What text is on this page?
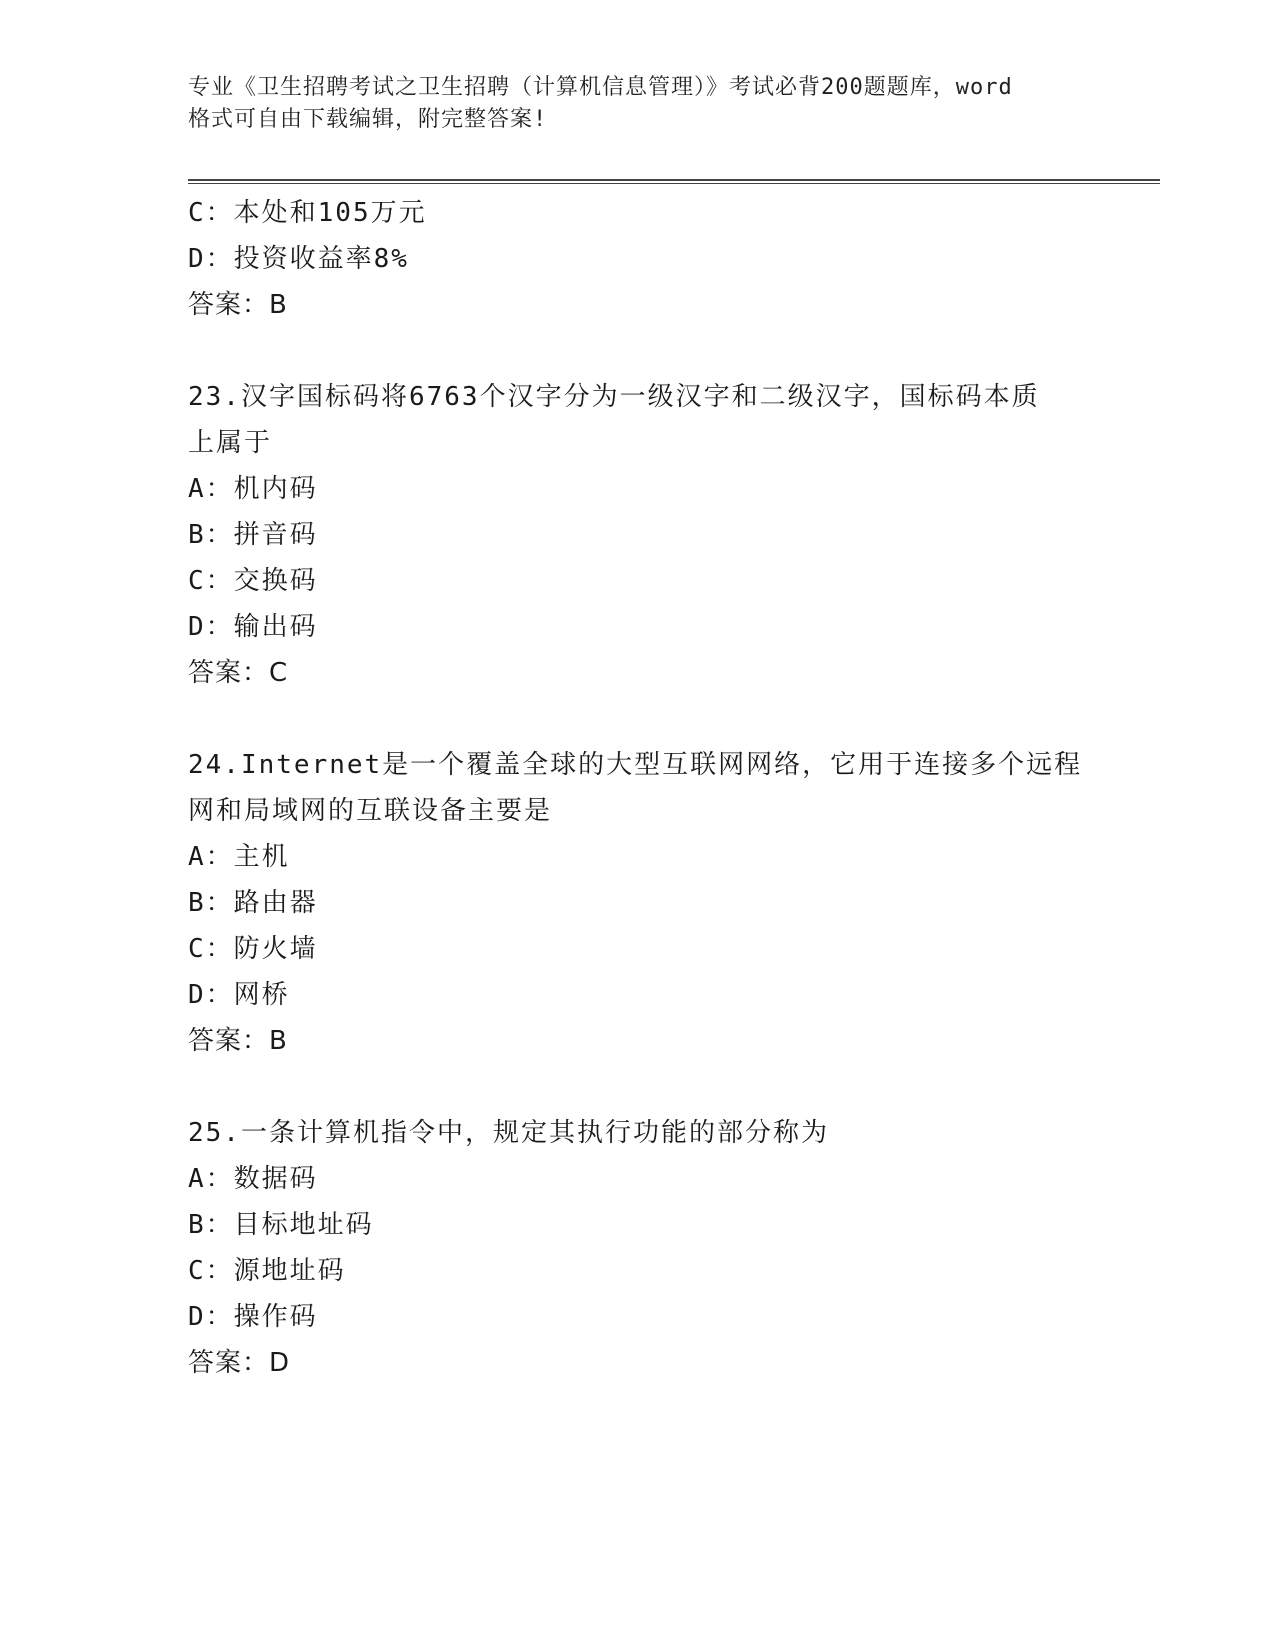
专业《卫生招聘考试之卫生招聘（计算机信息管理）》考试必背200题题库，word
格式可自由下载编辑，附完整答案!
C：本处和105万元
D：投资收益率8%
答案：B
23.汉字国标码将6763个汉字分为一级汉字和二级汉字，国标码本质
上属于
A：机内码
B：拼音码
C：交换码
D：输出码
答案：C
24.Internet是一个覆盖全球的大型互联网网络，它用于连接多个远程
网和局域网的互联设备主要是
A：主机
B：路由器
C：防火墙
D：网桥
答案：B
25.一条计算机指令中，规定其执行功能的部分称为
A：数据码
B：目标地址码
C：源地址码
D：操作码
答案：D
